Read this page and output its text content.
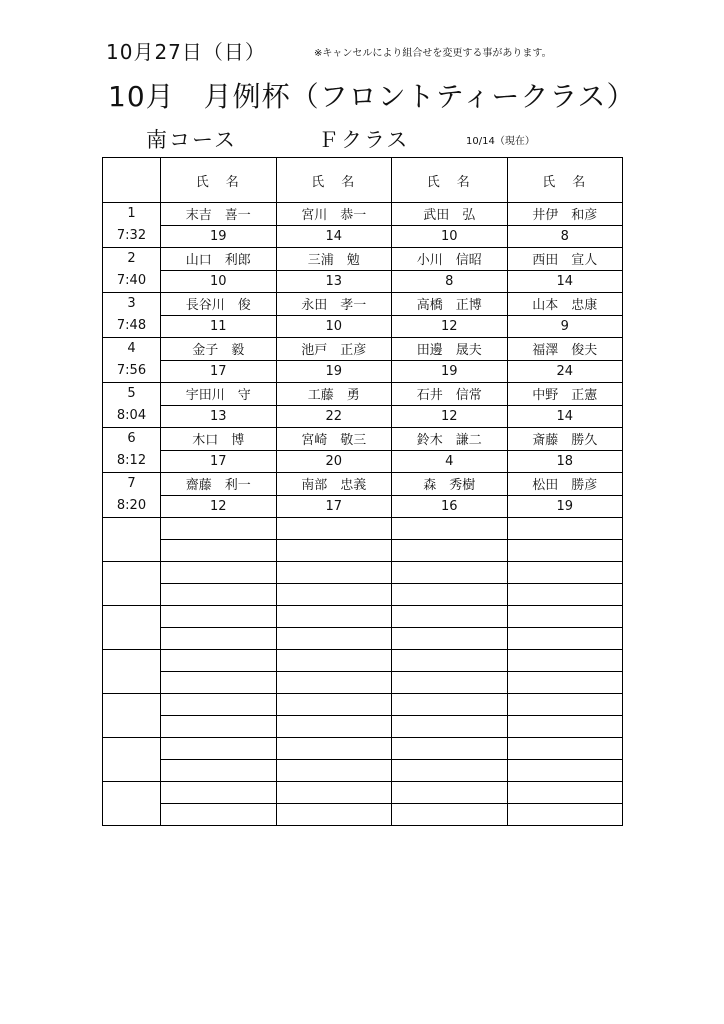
10月27日（日）	※キャンセルにより組合せを変更する事があります。
10月　月例杯（フロントティークラス）
南コース	Ｆクラス	10/14（現在）
	氏　名	氏　名	氏　名	氏　名

1
7:32	末吉　喜一	宮川　恭一	武田　弘	井伊　和彦
	19	14	10	8

2
7:40	山口　利郎	三浦　勉	小川　信昭	西田　宣人
	10	13	8	14

3
7:48	長谷川　俊	永田　孝一	高橋　正博	山本　忠康
	11	10	12	9

4
7:56	金子　毅	池戸　正彦	田邊　晟夫	福澤　俊夫
	17	19	19	24

5
8:04	宇田川　守	工藤　勇	石井　信常	中野　正憲
	13	22	12	14

6
8:12	木口　博	宮崎　敬三	鈴木　謙二	斎藤　勝久
	17	20	4	18

7
8:20	齋藤　利一	南部　忠義	森　秀樹	松田　勝彦
	12	17	16	19
